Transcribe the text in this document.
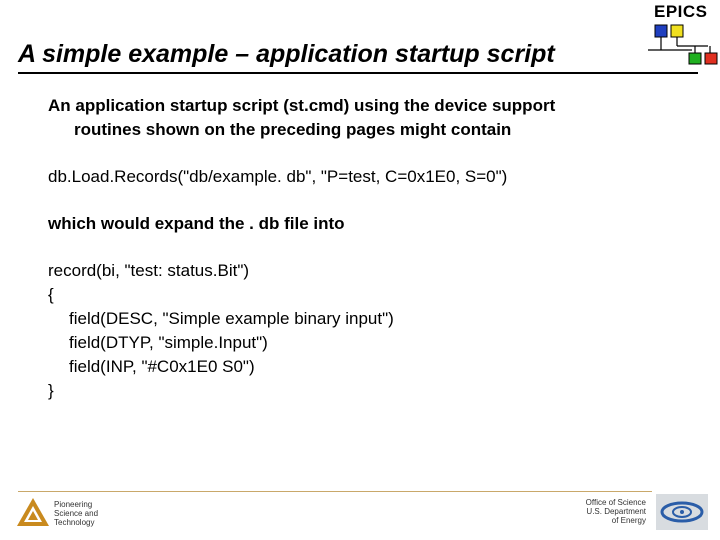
EPICS
A simple example – application startup script
An application startup script (st.cmd) using the device support
routines shown on the preceding pages might contain
db.Load.Records("db/example. db", "P=test, C=0x1E0, S=0")
which would expand the . db file into
record(bi, "test: status.Bit")
{
field(DESC, "Simple example binary input")
field(DTYP, "simple.Input")
field(INP, "#C0x1E0 S0")
}
Pioneering
Science and
Technology
Office of Science
U.S. Department
of Energy
